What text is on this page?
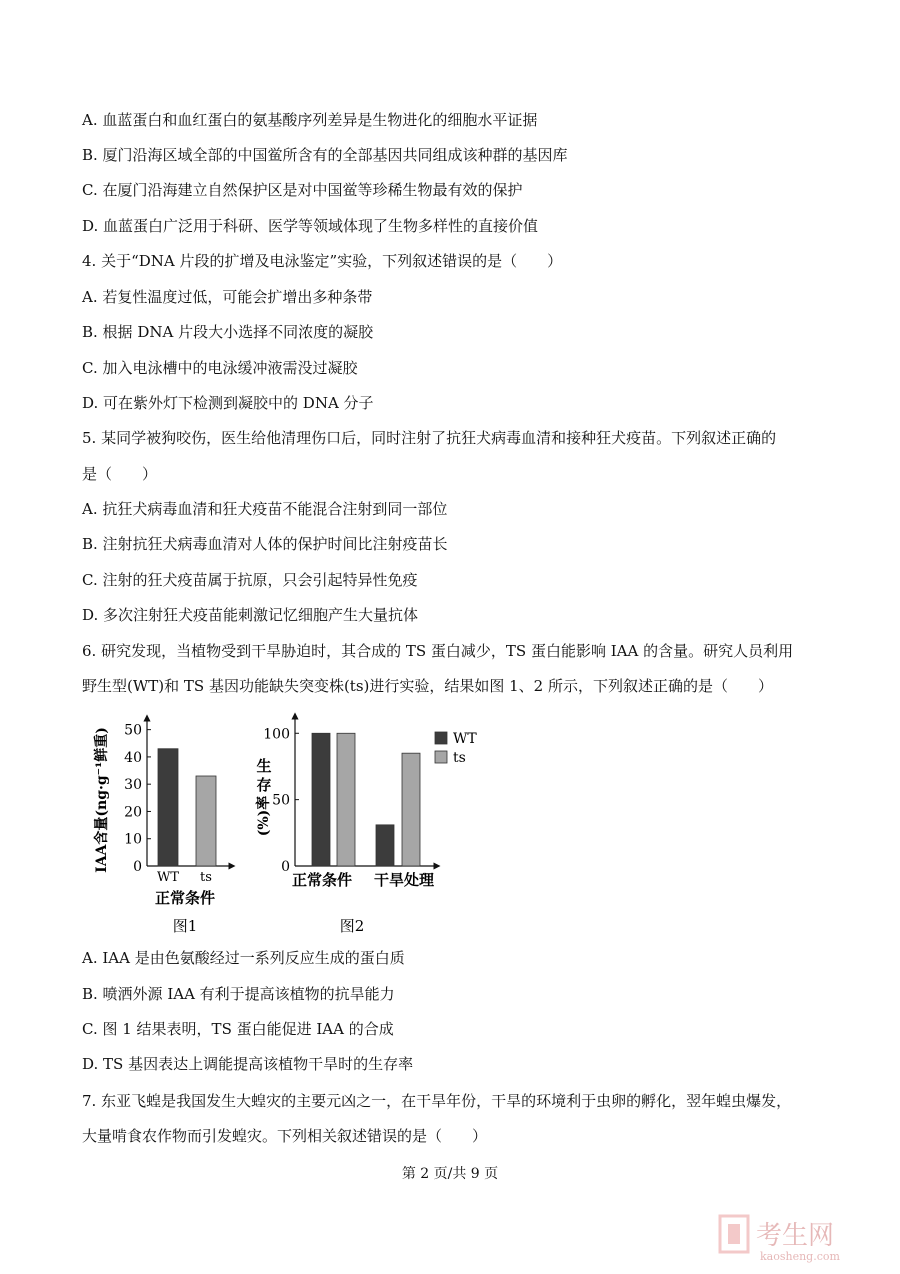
A. 血蓝蛋白和血红蛋白的氨基酸序列差异是生物进化的细胞水平证据
B. 厦门沿海区域全部的中国鲎所含有的全部基因共同组成该种群的基因库
C. 在厦门沿海建立自然保护区是对中国鲎等珍稀生物最有效的保护
D. 血蓝蛋白广泛用于科研、医学等领域体现了生物多样性的直接价值
4. 关于“DNA 片段的扩增及电泳鉴定”实验，下列叙述错误的是（　　）
A. 若复性温度过低，可能会扩增出多种条带
B. 根据 DNA 片段大小选择不同浓度的凝胶
C. 加入电泳槽中的电泳缓冲液需没过凝胶
D. 可在紫外灯下检测到凝胶中的 DNA 分子
5. 某同学被狗咬伤，医生给他清理伤口后，同时注射了抗狂犬病毒血清和接种狂犬疫苗。下列叙述正确的
是（　　）
A. 抗狂犬病毒血清和狂犬疫苗不能混合注射到同一部位
B. 注射抗狂犬病毒血清对人体的保护时间比注射疫苗长
C. 注射的狂犬疫苗属于抗原，只会引起特异性免疫
D. 多次注射狂犬疫苗能刺激记忆细胞产生大量抗体
6. 研究发现，当植物受到干旱胁迫时，其合成的 TS 蛋白减少，TS 蛋白能影响 IAA 的含量。研究人员利用
野生型(WT)和 TS 基因功能缺失突变株(ts)进行实验，结果如图 1、2 所示，下列叙述正确的是（　　）
A. IAA 是由色氨酸经过一系列反应生成的蛋白质
B. 喷洒外源 IAA 有利于提高该植物的抗旱能力
C. 图 1 结果表明，TS 蛋白能促进 IAA 的合成
D. TS 基因表达上调能提高该植物干旱时的生存率
7. 东亚飞蝗是我国发生大蝗灾的主要元凶之一，在干旱年份，干旱的环境利于虫卵的孵化，翌年蝗虫爆发，
大量啃食农作物而引发蝗灾。下列相关叙述错误的是（　　）
0
10
20
30
40
50
WT ts
正常条件
IAA含量(ng·g⁻¹鲜重)
图1
0
50
100
正常条件 干旱处理
生
存
(%)率
WT
ts
图2
第 2 页/共 9 页
考生网
kaosheng.com
